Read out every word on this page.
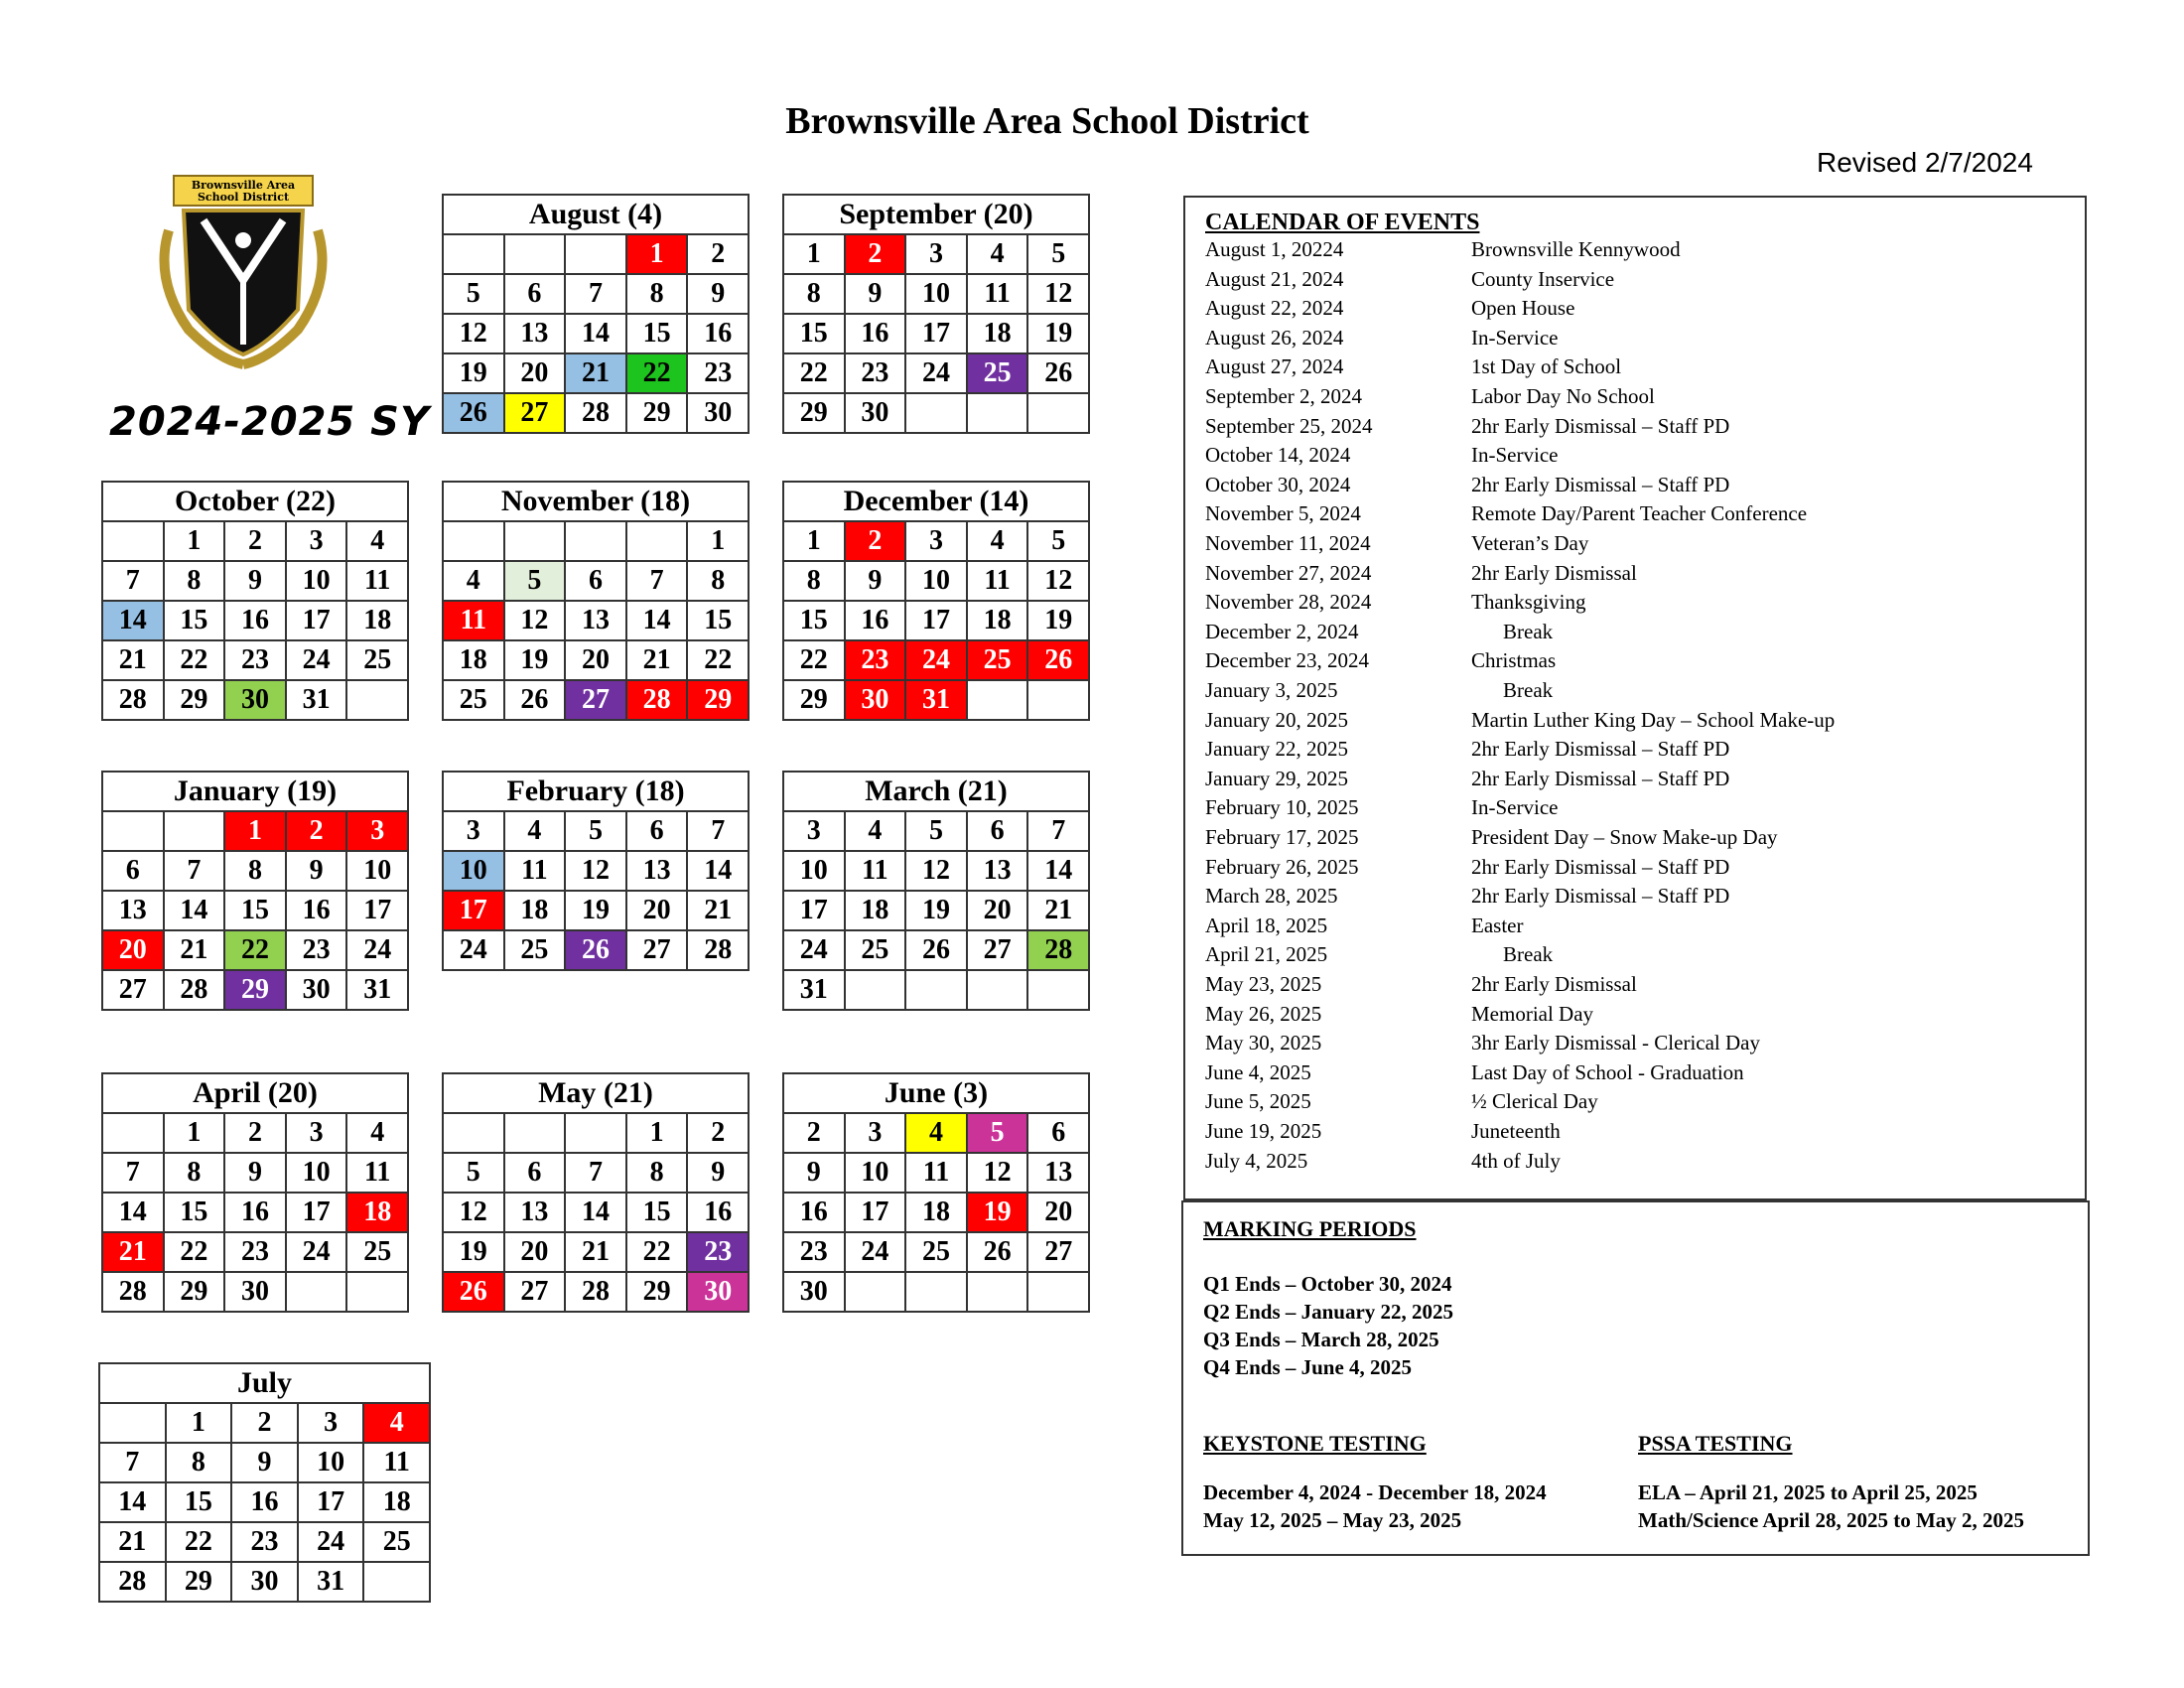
Brownsville Area School District
Revised 2/7/2024
Brownsville Area
School District
2024-2025 SY
August (4)				
			1	2
5	6	7	8	9
12	13	14	15	16
19	20	21	22	23
26	27	28	29	30
September (20)				
1	2	3	4	5
8	9	10	11	12
15	16	17	18	19
22	23	24	25	26
29	30			
October (22)				
	1	2	3	4
7	8	9	10	11
14	15	16	17	18
21	22	23	24	25
28	29	30	31	
November (18)				
				1
4	5	6	7	8
11	12	13	14	15
18	19	20	21	22
25	26	27	28	29
December (14)				
1	2	3	4	5
8	9	10	11	12
15	16	17	18	19
22	23	24	25	26
29	30	31		
January (19)				
		1	2	3
6	7	8	9	10
13	14	15	16	17
20	21	22	23	24
27	28	29	30	31
February (18)				
3	4	5	6	7
10	11	12	13	14
17	18	19	20	21
24	25	26	27	28
March (21)				
3	4	5	6	7
10	11	12	13	14
17	18	19	20	21
24	25	26	27	28
31				
April (20)				
	1	2	3	4
7	8	9	10	11
14	15	16	17	18
21	22	23	24	25
28	29	30		
May (21)				
			1	2
5	6	7	8	9
12	13	14	15	16
19	20	21	22	23
26	27	28	29	30
June (3)				
2	3	4	5	6
9	10	11	12	13
16	17	18	19	20
23	24	25	26	27
30				
July				
	1	2	3	4
7	8	9	10	11
14	15	16	17	18
21	22	23	24	25
28	29	30	31	
CALENDAR OF EVENTS
August 1, 20224	Brownsville Kennywood
August 21, 2024	County Inservice
August 22, 2024	Open House
August 26, 2024	In-Service
August 27, 2024	1st Day of School
September 2, 2024	Labor Day No School
September 25, 2024	2hr Early Dismissal – Staff PD
October 14, 2024	In-Service
October 30, 2024	2hr Early Dismissal – Staff PD
November 5, 2024	Remote Day/Parent Teacher Conference
November 11, 2024	Veteran’s Day
November 27, 2024	2hr Early Dismissal
November 28, 2024	Thanksgiving
December 2, 2024	Break
December 23, 2024	Christmas
January 3, 2025	Break
January 20, 2025	Martin Luther King Day – School Make-up
January 22, 2025	2hr Early Dismissal – Staff PD
January 29, 2025	2hr Early Dismissal – Staff PD
February 10, 2025	In-Service
February 17, 2025	President Day – Snow Make-up Day
February 26, 2025	2hr Early Dismissal – Staff PD
March 28, 2025	2hr Early Dismissal – Staff PD
April 18, 2025	Easter
April 21, 2025	Break
May 23, 2025	2hr Early Dismissal
May 26, 2025	Memorial Day
May 30, 2025	3hr Early Dismissal - Clerical Day
June 4, 2025	Last Day of School - Graduation
June 5, 2025	½ Clerical Day
June 19, 2025	Juneteenth
July 4, 2025	4th of July
MARKING PERIODS
Q1 Ends – October 30, 2024
Q2 Ends – January 22, 2025
Q3 Ends – March 28, 2025
Q4 Ends – June 4, 2025
KEYSTONE TESTING
December 4, 2024 - December 18, 2024
May 12, 2025 – May 23, 2025
PSSA TESTING
ELA – April 21, 2025 to April 25, 2025
Math/Science April 28, 2025 to May 2, 2025
